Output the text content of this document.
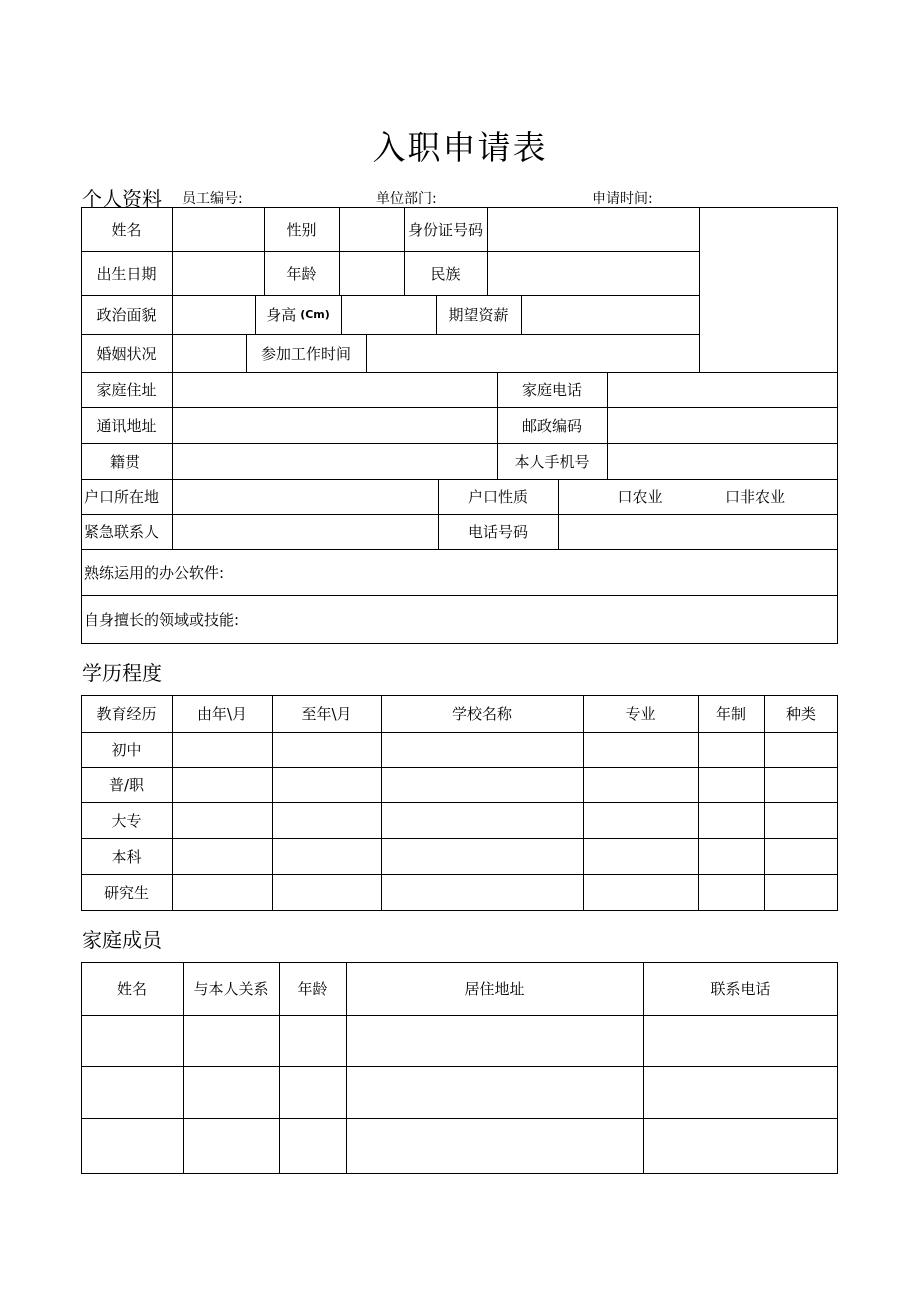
入职申请表
个人资料 员工编号:	单位部门:	申请时间:
姓名	性别	身份证号码
出生日期	年龄	民族
政治面貌	身高 (Cm)	期望资薪
婚姻状况	参加工作时间
家庭住址	家庭电话
通讯地址	邮政编码
籍贯	本人手机号
户口所在地	户口性质	口农业	口非农业
紧急联系人	电话号码
熟练运用的办公软件:
自身擅长的领域或技能:
学历程度
教育经历	由年\月	至年\月	学校名称	专业	年制	种类
初中
普/职
大专
本科
研究生
家庭成员
姓名	与本人关系	年龄	居住地址	联系电话
